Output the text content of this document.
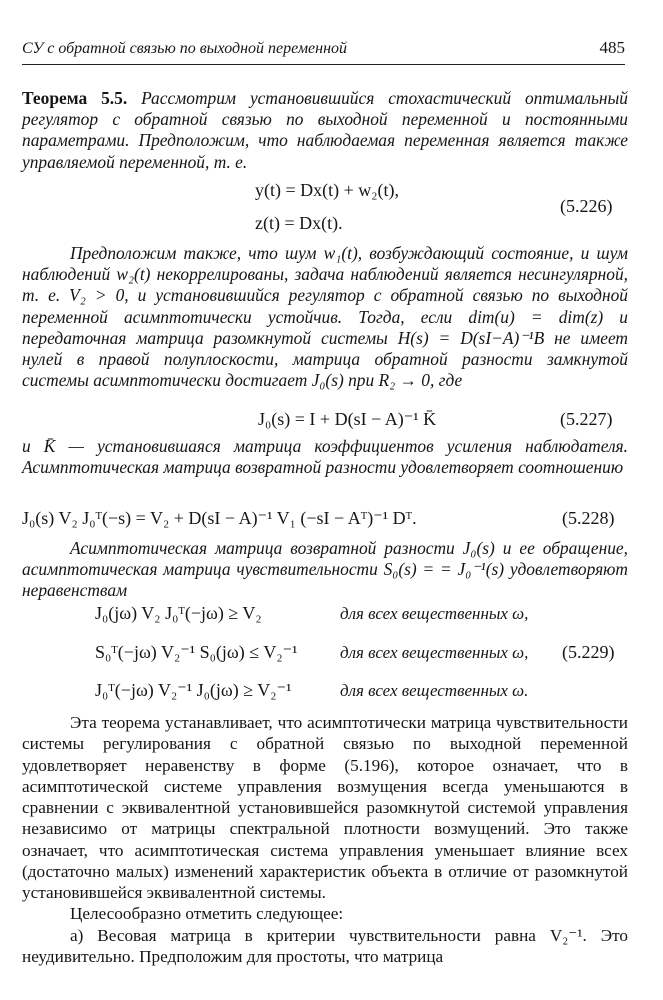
СУ с обратной связью по выходной переменной	485
Теорема 5.5. Рассмотрим установившийся стохастический оптимальный регулятор с обратной связью по выходной переменной и постоянными параметрами. Предположим, что наблюдаемая переменная является также управляемой переменной, т. е.
y(t) = Dx(t) + w₂(t),
z(t) = Dx(t).
(5.226)
Предположим также, что шум w₁(t), возбуждающий состояние, и шум наблюдений w₂(t) некоррелированы, задача наблюдений является несингулярной, т. е. V₂ > 0, и установившийся регулятор с обратной связью по выходной переменной асимптотически устойчив. Тогда, если dim(u) = dim(z) и передаточная матрица разомкнутой системы H(s) = D(sI−A)⁻¹B не имеет нулей в правой полуплоскости, матрица обратной разности замкнутой системы асимптотически достигает J₀(s) при R₂ → 0, где
J₀(s) = I + D(sI − A)⁻¹ K̄	(5.227)
и K̄ — установившаяся матрица коэффициентов усиления наблюдателя. Асимптотическая матрица возвратной разности удовлетворяет соотношению
J₀(s) V₂ J₀ᵀ(−s) = V₂ + D(sI − A)⁻¹ V₁ (−sI − Aᵀ)⁻¹ Dᵀ.	(5.228)
Асимптотическая матрица возвратной разности J₀(s) и ее обращение, асимптотическая матрица чувствительности S₀(s) = = J₀⁻¹(s) удовлетворяют неравенствам
J₀(jω) V₂ J₀ᵀ(−jω) ≥ V₂	для всех вещественных ω,
S₀ᵀ(−jω) V₂⁻¹ S₀(jω) ≤ V₂⁻¹	для всех вещественных ω, (5.229)
J₀ᵀ(−jω) V₂⁻¹ J₀(jω) ≥ V₂⁻¹	для всех вещественных ω.
Эта теорема устанавливает, что асимптотически матрица чувствительности системы регулирования с обратной связью по выходной переменной удовлетворяет неравенству в форме (5.196), которое означает, что в асимптотической системе управления возмущения всегда уменьшаются в сравнении с эквивалентной установившейся разомкнутой системой управления независимо от матрицы спектральной плотности возмущений. Это также означает, что асимптотическая система управления уменьшает влияние всех (достаточно малых) изменений характеристик объекта в отличие от разомкнутой установившейся эквивалентной системы.
Целесообразно отметить следующее:
а) Весовая матрица в критерии чувствительности равна V₂⁻¹. Это неудивительно. Предположим для простоты, что матрица
